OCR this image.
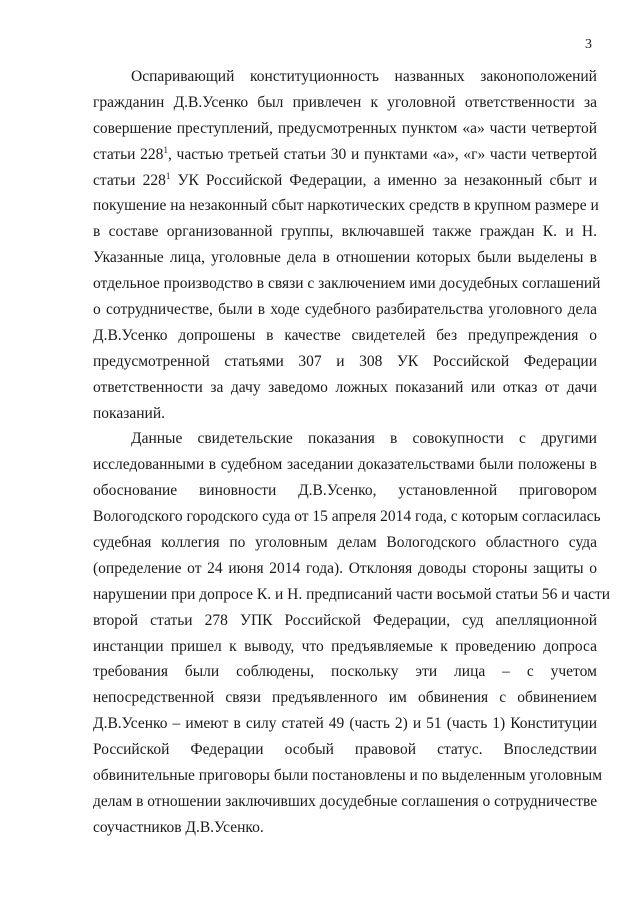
3
Оспаривающий конституционность названных законоположений
гражданин Д.В.Усенко был привлечен к уголовной ответственности за
совершение преступлений, предусмотренных пунктом «а» части четвертой
статьи $228^1$, частью третьей статьи 30 и пунктами «а», «г» части четвертой
статьи $228^1$ УК Российской Федерации, а именно за незаконный сбыт и
покушение на незаконный сбыт наркотических средств в крупном размере и
в составе организованной группы, включавшей также граждан К. и Н.
Указанные лица, уголовные дела в отношении которых были выделены в
отдельное производство в связи с заключением ими досудебных соглашений
о сотрудничестве, были в ходе судебного разбирательства уголовного дела
Д.В.Усенко допрошены в качестве свидетелей без предупреждения о
предусмотренной статьями 307 и 308 УК Российской Федерации
ответственности за дачу заведомо ложных показаний или отказ от дачи
показаний.
Данные свидетельские показания в совокупности с другими
исследованными в судебном заседании доказательствами были положены в
обоснование виновности Д.В.Усенко, установленной приговором
Вологодского городского суда от 15 апреля 2014 года, с которым согласилась
судебная коллегия по уголовным делам Вологодского областного суда
(определение от 24 июня 2014 года). Отклоняя доводы стороны защиты о
нарушении при допросе К. и Н. предписаний части восьмой статьи 56 и части
второй статьи 278 УПК Российской Федерации, суд апелляционной
инстанции пришел к выводу, что предъявляемые к проведению допроса
требования были соблюдены, поскольку эти лица – с учетом
непосредственной связи предъявленного им обвинения с обвинением
Д.В.Усенко – имеют в силу статей 49 (часть 2) и 51 (часть 1) Конституции
Российской Федерации особый правовой статус. Впоследствии
обвинительные приговоры были постановлены и по выделенным уголовным
делам в отношении заключивших досудебные соглашения о сотрудничестве
соучастников Д.В.Усенко.
